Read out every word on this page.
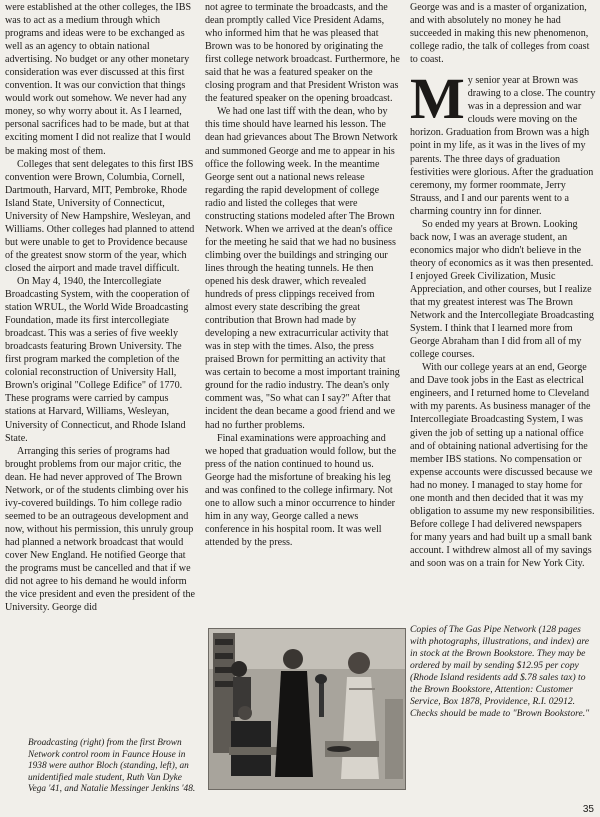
were established at the other colleges, the IBS was to act as a medium through which programs and ideas were to be exchanged as well as an agency to obtain national advertising. No budget or any other monetary consideration was ever discussed at this first convention. It was our conviction that things would work out somehow. We never had any money, so why worry about it. As I learned, personal sacrifices had to be made, but at that exciting moment I did not realize that I would be making most of them.

Colleges that sent delegates to this first IBS convention were Brown, Columbia, Cornell, Dartmouth, Harvard, MIT, Pembroke, Rhode Island State, University of Connecticut, University of New Hampshire, Wesleyan, and Williams. Other colleges had planned to attend but were unable to get to Providence because of the greatest snow storm of the year, which closed the airport and made travel difficult.

On May 4, 1940, the Intercollegiate Broadcasting System, with the cooperation of station WRUL, the World Wide Broadcasting Foundation, made its first intercollegiate broadcast. This was a series of five weekly broadcasts featuring Brown University. The first program marked the completion of the colonial reconstruction of University Hall, Brown's original "College Edifice" of 1770. These programs were carried by campus stations at Harvard, Williams, Wesleyan, University of Connecticut, and Rhode Island State.

Arranging this series of programs had brought problems from our major critic, the dean. He had never approved of The Brown Network, or of the students climbing over his ivy-covered buildings. To him college radio seemed to be an outrageous development and now, without his permission, this unruly group had planned a network broadcast that would cover New England. He notified George that the programs must be cancelled and that if we did not agree to his demand he would inform the vice president and even the president of the University. George did

not agree to terminate the broadcasts, and the dean promptly called Vice President Adams, who informed him that he was pleased that Brown was to be honored by originating the first college network broadcast. Furthermore, he said that he was a featured speaker on the closing program and that President Wriston was the featured speaker on the opening broadcast.

We had one last tiff with the dean, who by this time should have learned his lesson. The dean had grievances about The Brown Network and summoned George and me to appear in his office the following week. In the meantime George sent out a national news release regarding the rapid development of college radio and listed the colleges that were constructing stations modeled after The Brown Network. When we arrived at the dean's office for the meeting he said that we had no business climbing over the buildings and stringing our lines through the heating tunnels. He then opened his desk drawer, which revealed hundreds of press clippings received from almost every state describing the great contribution that Brown had made by developing a new extracurricular activity that was in step with the times. Also, the press praised Brown for permitting an activity that was certain to become a most important training ground for the radio industry. The dean's only comment was, "So what can I say?" After that incident the dean became a good friend and we had no further problems.

Final examinations were approaching and we hoped that graduation would follow, but the press of the nation continued to hound us. George had the misfortune of breaking his leg and was confined to the college infirmary. Not one to allow such a minor occurrence to hinder him in any way, George called a news conference in his hospital room. It was well attended by the press.

George was and is a master of organization, and with absolutely no money he had succeeded in making this new phenomenon, college radio, the talk of colleges from coast to coast.

My senior year at Brown was drawing to a close. The country was in a depression and war clouds were moving on the horizon. Graduation from Brown was a high point in my life, as it was in the lives of my parents. The three days of graduation festivities were glorious. After the graduation ceremony, my former roommate, Jerry Strauss, and I and our parents went to a charming country inn for dinner.

So ended my years at Brown. Looking back now, I was an average student, an economics major who didn't believe in the theory of economics as it was then presented. I enjoyed Greek Civilization, Music Appreciation, and other courses, but I realize that my greatest interest was The Brown Network and the Intercollegiate Broadcasting System. I think that I learned more from George Abraham than I did from all of my college courses.

With our college years at an end, George and Dave took jobs in the East as electrical engineers, and I returned home to Cleveland with my parents. As business manager of the Intercollegiate Broadcasting System, I was given the job of setting up a national office and of obtaining national advertising for the member IBS stations. No compensation or expense accounts were discussed because we had no money. I managed to stay home for one month and then decided that it was my obligation to assume my new responsibilities. Before college I had delivered newspapers for many years and had built up a small bank account. I withdrew almost all of my savings and soon was on a train for New York City.

Copies of The Gas Pipe Network (128 pages with photographs, illustrations, and index) are in stock at the Brown Bookstore. They may be ordered by mail by sending $12.95 per copy (Rhode Island residents add $.78 sales tax) to the Brown Bookstore, Attention: Customer Service, Box 1878, Providence, R.I. 02912. Checks should be made to "Brown Bookstore."
Broadcasting (right) from the first Brown Network control room in Faunce House in 1938 were author Bloch (standing, left), an unidentified male student, Ruth Van Dyke Vega '41, and Natalie Messinger Jenkins '48.
35
